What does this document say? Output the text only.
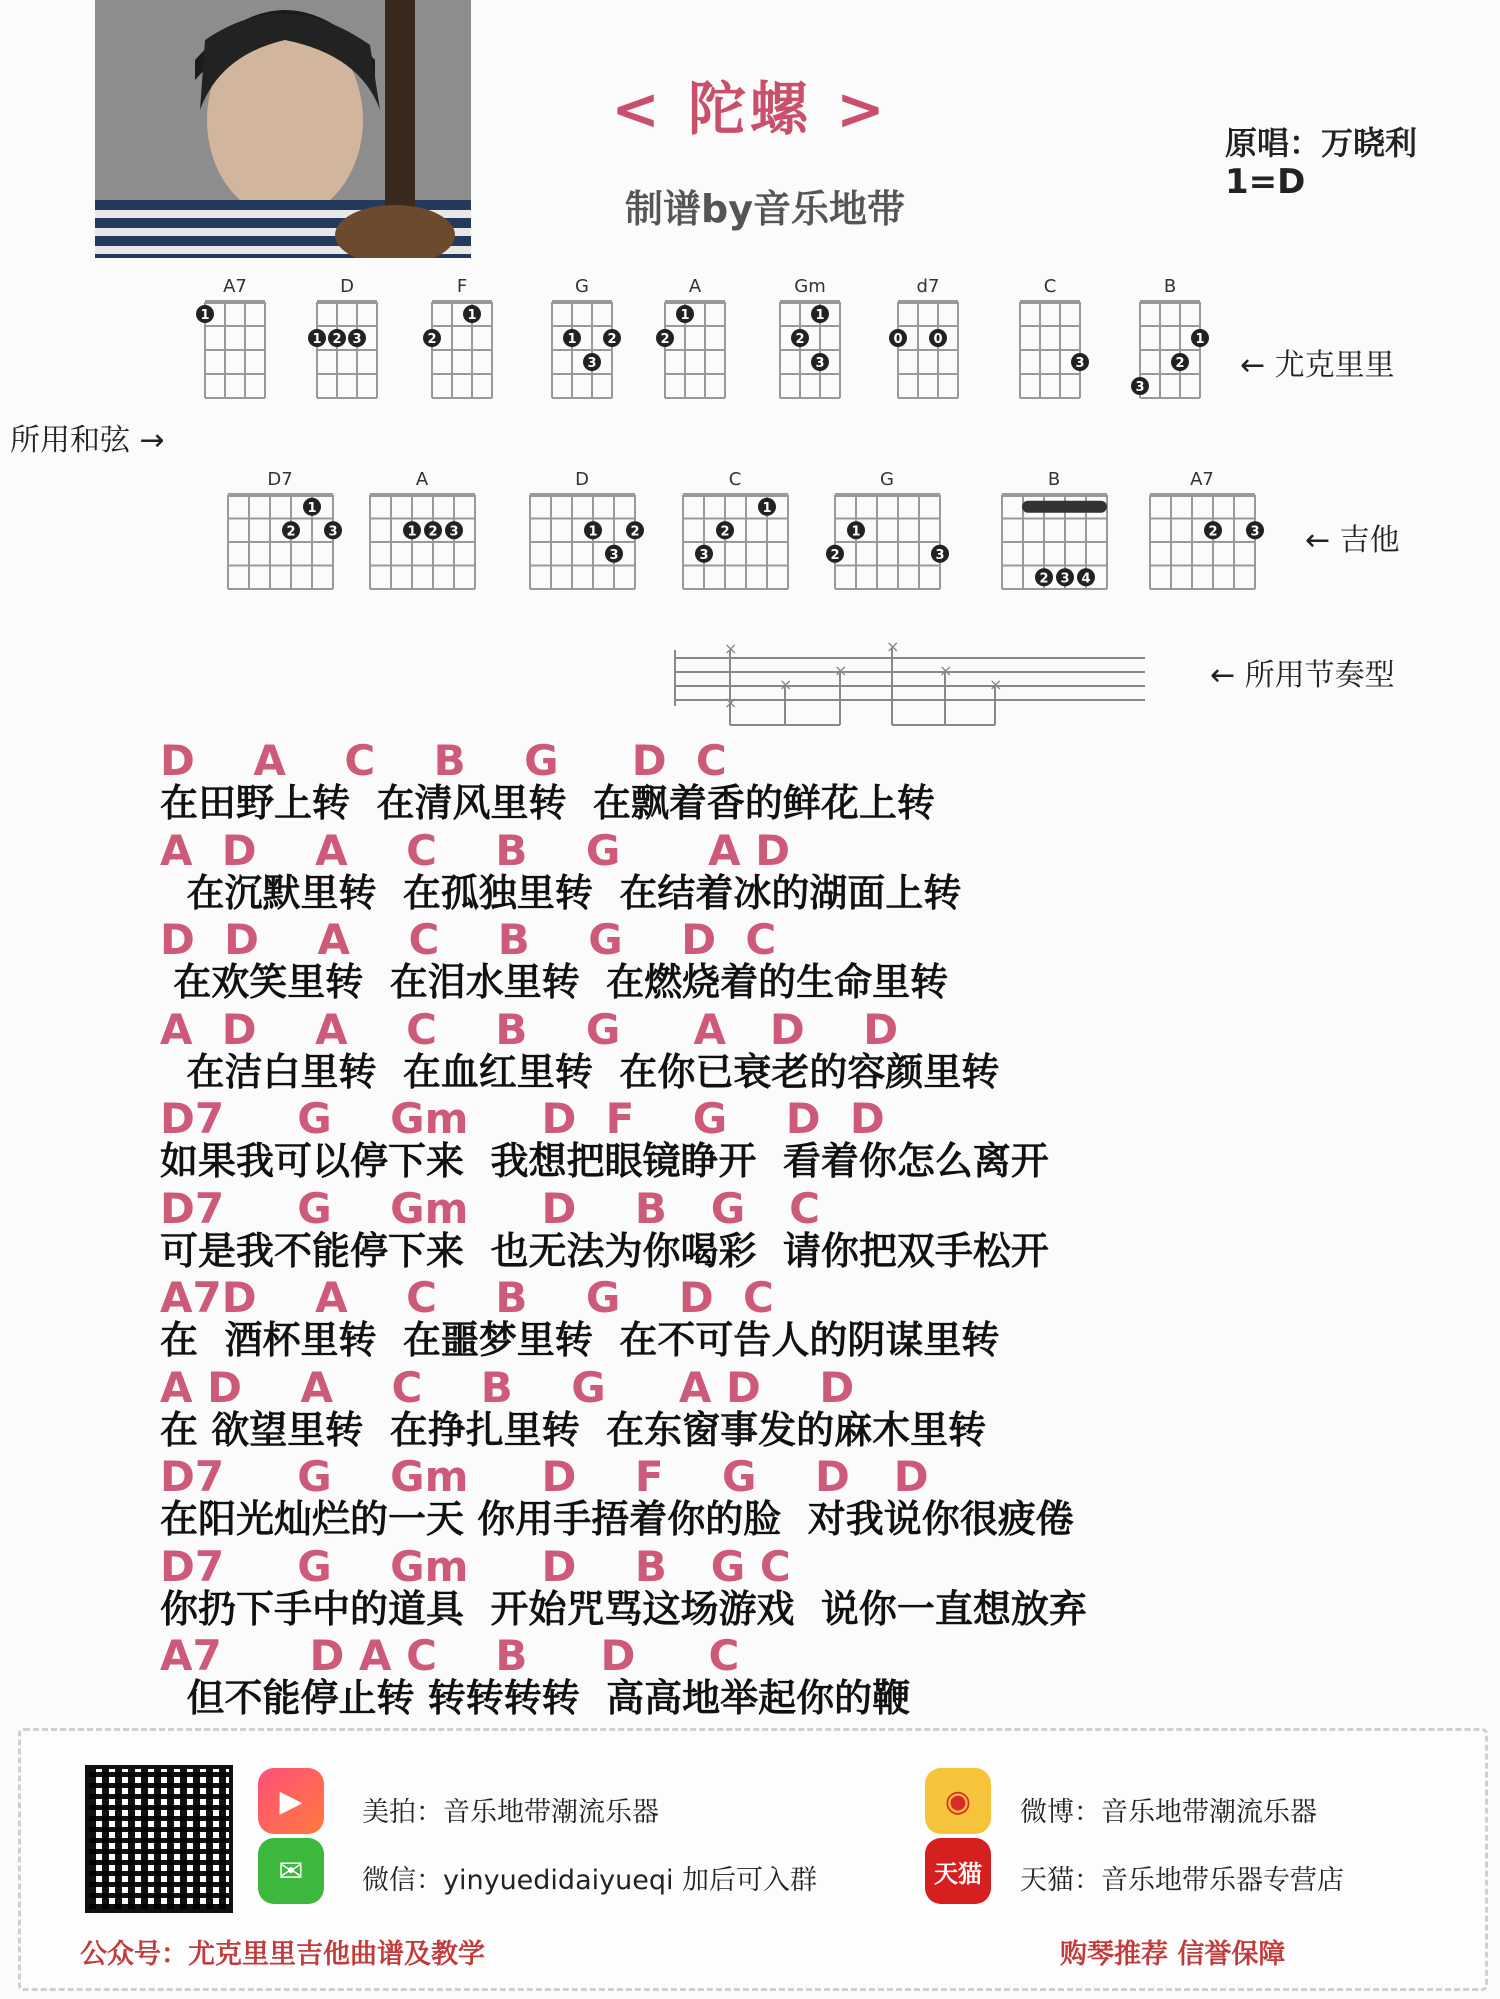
< 陀螺 >
制谱by音乐地带
原唱：万晓利
1=D
所用和弦 →
← 尤克里里
← 吉他
← 所用节奏型
A7
1
D
1 2 3
F
1
2
G
1 2
3
A
1
2
Gm
1
2
3
d7
0 0
C
3
B
1
2
3
D7
1
2	3
A
1 2 3
D
1	2
3
C
1
2
3
G
1
2	3
B
2 3 4
A7
2	3
×
×
×
×
×
×
×
D    A    C    B    G     D  C
在田野上转  在清风里转  在飘着香的鲜花上转
A  D    A    C    B    G      A D
在沉默里转  在孤独里转  在结着冰的湖面上转
D  D    A    C    B    G    D  C
在欢笑里转  在泪水里转  在燃烧着的生命里转
A  D    A    C    B    G     A   D    D
在洁白里转  在血红里转  在你已衰老的容颜里转
D7     G    Gm     D  F    G    D  D
如果我可以停下来  我想把眼镜睁开  看着你怎么离开
D7     G    Gm     D    B   G   C
可是我不能停下来  也无法为你喝彩  请你把双手松开
A7D    A    C    B    G    D  C
在  酒杯里转  在噩梦里转  在不可告人的阴谋里转
A D    A    C    B    G     A D    D
在 欲望里转  在挣扎里转  在东窗事发的麻木里转
D7     G    Gm     D    F    G    D   D
在阳光灿烂的一天 你用手捂着你的脸  对我说你很疲倦
D7     G    Gm     D    B   G C
你扔下手中的道具  开始咒骂这场游戏  说你一直想放弃
A7      D A C    B     D     C
但不能停止转 转转转转  高高地举起你的鞭
▶
✉
◉
天猫
美拍：音乐地带潮流乐器
微信：yinyuedidaiyueqi 加后可入群
微博：音乐地带潮流乐器
天猫：音乐地带乐器专营店
公众号：尤克里里吉他曲谱及教学	购琴推荐 信誉保障
